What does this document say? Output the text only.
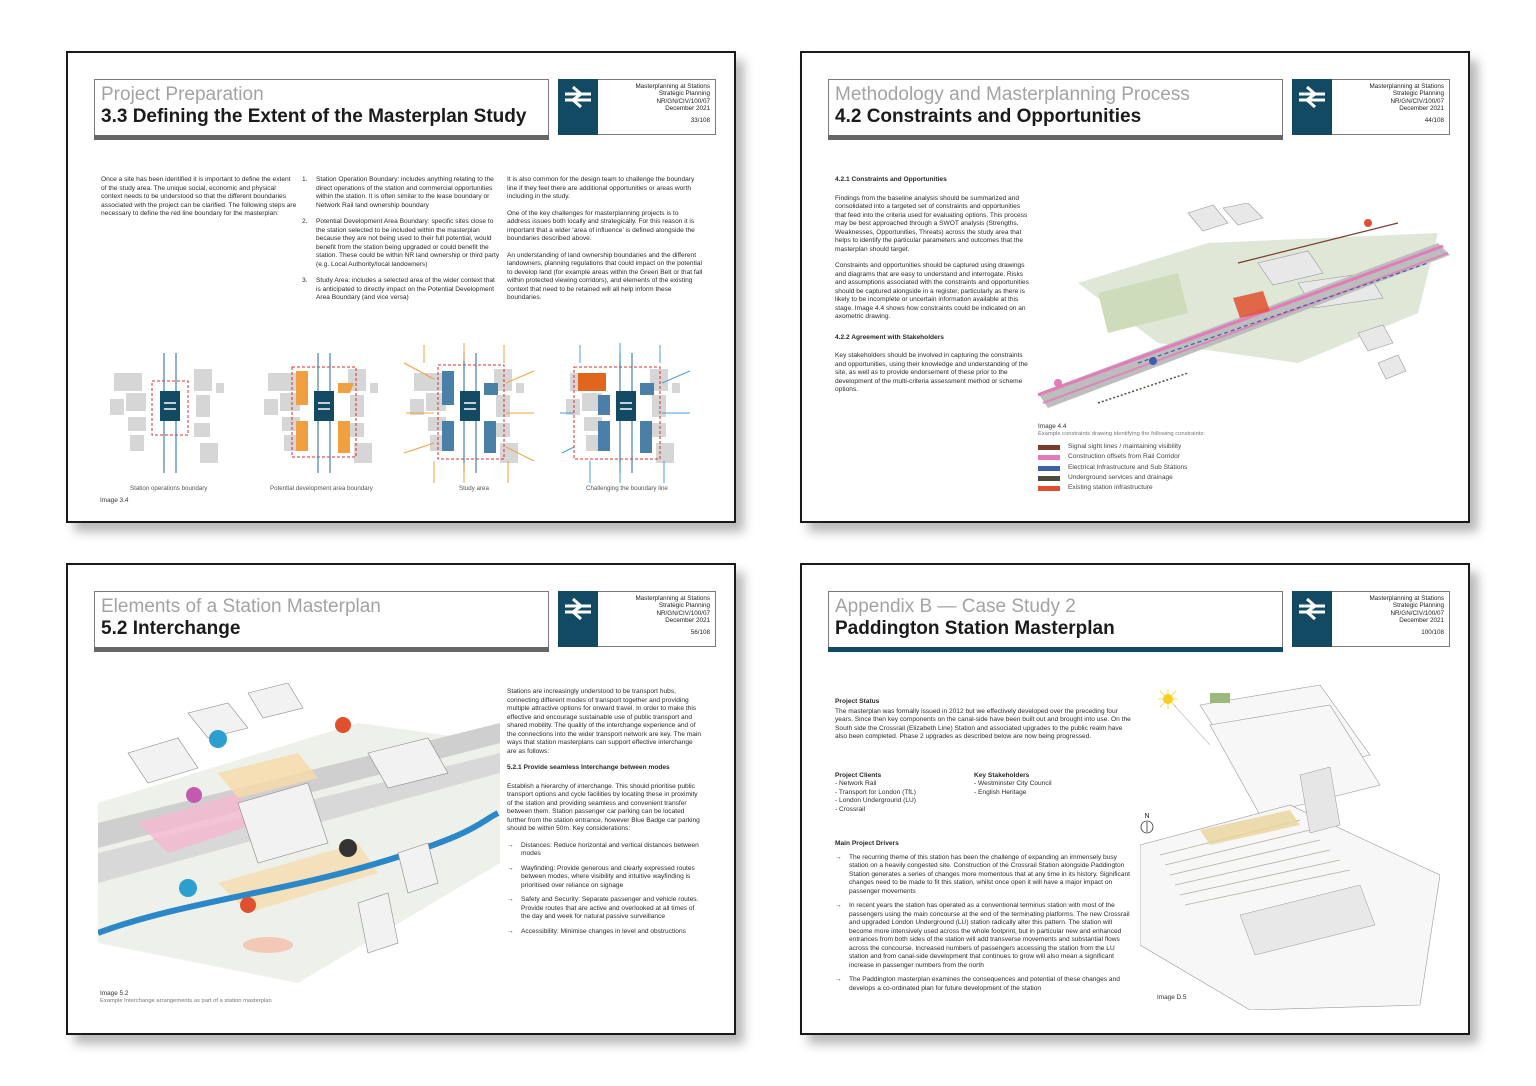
Project Preparation
3.3 Defining the Extent of the Masterplan Study
Masterplanning at Stations
Strategic Planning
NR/GN/CIV/100/07
December 2021
33/108

Once a site has been identified it is important to define the extent of the study area. The unique social, economic and physical context needs to be understood so that the different boundaries associated with the project can be clarified. The following steps are necessary to define the red line boundary for the masterplan:

1. Station Operation Boundary: includes anything relating to the direct operations of the station and commercial opportunities within the station. It is often similar to the lease boundary or Network Rail land ownership boundary
2. Potential Development Area Boundary: specific sites close to the station selected to be included within the masterplan because they are not being used to their full potential, would benefit from the station being upgraded or could benefit the station. These could be within NR land ownership or third party (e.g. Local Authority/local landowners)
3. Study Area: includes a selected area of the wider context that is anticipated to directly impact on the Potential Development Area Boundary (and vice versa)

It is also common for the design team to challenge the boundary line if they feel there are additional opportunities or areas worth including in the study.

One of the key challenges for masterplanning projects is to address issues both locally and strategically. For this reason it is important that a wider ‘area of influence’ is defined alongside the boundaries described above.

An understanding of land ownership boundaries and the different landowners, planning regulations that could impact on the potential to develop land (for example areas within the Green Belt or that fall within protected viewing corridors), and elements of the existing context that need to be retained will all help inform these boundaries.

Station operations boundary	Potential development area boundary	Study area	Challenging the boundary line
Image 3.4
Methodology and Masterplanning Process
4.2 Constraints and Opportunities
Masterplanning at Stations
Strategic Planning
NR/GN/CIV/100/07
December 2021
44/108

4.2.1 Constraints and Opportunities

Findings from the baseline analysis should be summarized and consolidated into a targeted set of constraints and opportunities that feed into the criteria used for evaluating options. This process may be best approached through a SWOT analysis (Strengths, Weaknesses, Opportunities, Threats) across the study area that helps to identify the particular parameters and outcomes that the masterplan should target.

Constraints and opportunities should be captured using drawings and diagrams that are easy to understand and interrogate. Risks and assumptions associated with the constraints and opportunities should be captured alongside in a register, particularly as there is likely to be incomplete or uncertain information available at this stage. Image 4.4 shows how constraints could be indicated on an axometric drawing.

4.2.2 Agreement with Stakeholders

Key stakeholders should be involved in capturing the constraints and opportunities, using their knowledge and understanding of the site, as well as to provide endorsement of these prior to the development of the multi-criteria assessment method or scheme options.

Image 4.4
Example constraints drawing identifying the following constraints:
Signal sight lines / maintaining visibility
Construction offsets from Rail Corridor
Electrical Infrastructure and Sub Stations
Underground services and drainage
Existing station infrastructure
Elements of a Station Masterplan
5.2 Interchange
Masterplanning at Stations
Strategic Planning
NR/GN/CIV/100/07
December 2021
56/108
Image 5.2
Example Interchange arrangements as part of a station masterplan

Stations are increasingly understood to be transport hubs, connecting different modes of transport together and providing multiple attractive options for onward travel. In order to make this effective and encourage sustainable use of public transport and shared mobility. The quality of the interchange experience and of the connections into the wider transport network are key. The main ways that station masterplans can support effective interchange are as follows:

5.2.1 Provide seamless Interchange between modes

Establish a hierarchy of interchange. This should prioritise public transport options and cycle facilities by locating these in proximity of the station and providing seamless and convenient transfer between them. Station passenger car parking can be located further from the station entrance, however Blue Badge car parking should be within 50m. Key considerations:

→ Distances: Reduce horizontal and vertical distances between modes
→ Wayfinding: Provide generous and clearly expressed routes between modes, where visibility and intuitive wayfinding is prioritised over reliance on signage
→ Safety and Security: Separate passenger and vehicle routes. Provide routes that are active and overlooked at all times of the day and week for natural passive surveillance
→ Accessibility: Minimise changes in level and obstructions
Appendix B — Case Study 2
Paddington Station Masterplan
Masterplanning at Stations
Strategic Planning
NR/GN/CIV/100/07
December 2021
100/108

Project Status

The masterplan was formally issued in 2012 but we effectively developed over the preceding four years. Since then key components on the canal-side have been built out and brought into use. On the South side the Crossrail (Elizabeth Line) Station and associated upgrades to the public realm have also been completed. Phase 2 upgrades as described below are now being progressed.

Project Clients
- Network Rail
- Transport for London (TfL)
- London Underground (LU)
- Crossrail
Key Stakeholders
- Westminster City Council
- English Heritage

Main Project Drivers

→ The recurring theme of this station has been the challenge of expanding an immensely busy station on a heavily congested site. Construction of the Crossrail Station alongside Paddington Station generates a series of changes more momentous that at any time in its history. Significant changes need to be made to fit this station, whilst once open it will have a major impact on passenger movements
→ In recent years the station has operated as a conventional terminus station with most of the passengers using the main concourse at the end of the terminating platforms. The new Crossrail and upgraded London Underground (LU) station radically alter this pattern. The station will become more intensively used across the whole footprint, but in particular new and enhanced entrances from both sides of the station will add transverse movements and substantial flows across the concourse. Increased numbers of passengers accessing the station from the LU station and from canal-side development that continues to grow will also mean a significant increase in passenger numbers from the north
→ The Paddington masterplan examines the consequences and potential of these changes and develops a co-ordinated plan for future development of the station
N
Image D.5
